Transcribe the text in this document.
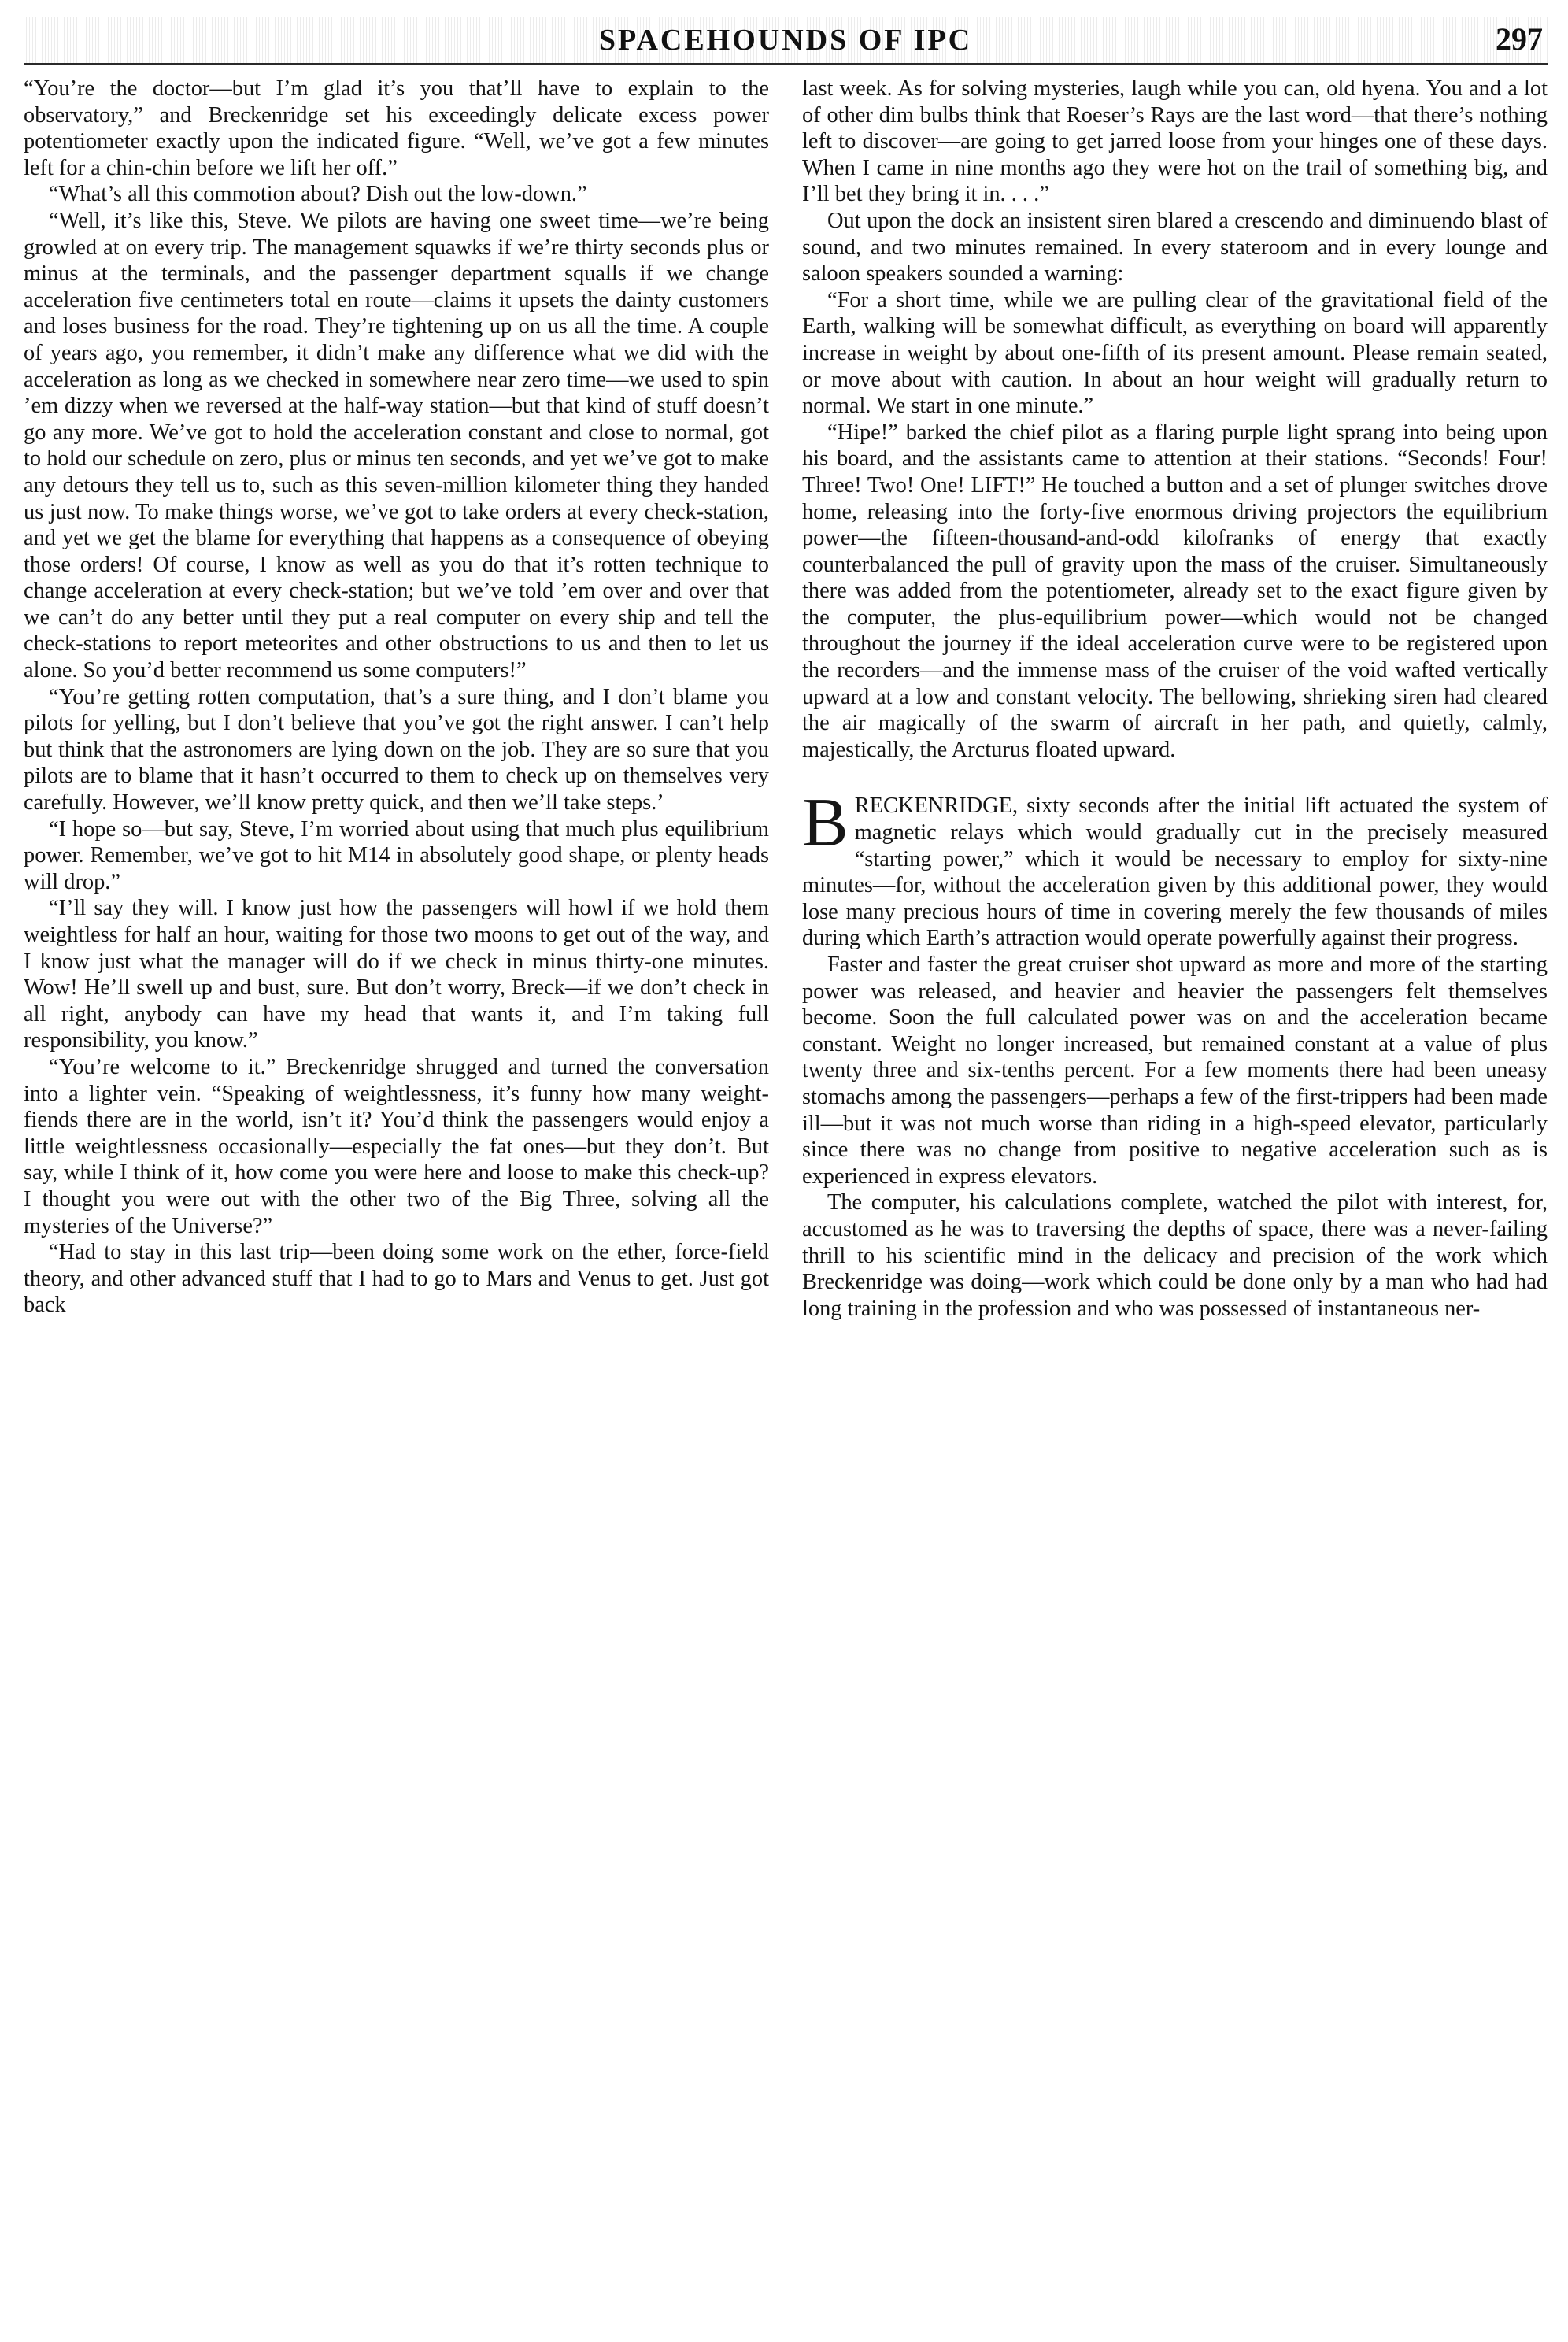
SPACEHOUNDS OF IPC	297

“You’re the doctor—but I’m glad it’s you that’ll have to explain to the observatory,” and Breckenridge set his exceedingly delicate excess power potentiometer exactly upon the indicated figure. “Well, we’ve got a few minutes left for a chin-chin before we lift her off.”

“What’s all this commotion about? Dish out the low-down.”

“Well, it’s like this, Steve. We pilots are having one sweet time—we’re being growled at on every trip. The management squawks if we’re thirty seconds plus or minus at the terminals, and the passenger department squalls if we change acceleration five centimeters total en route—claims it upsets the dainty customers and loses business for the road. They’re tightening up on us all the time. A couple of years ago, you remember, it didn’t make any difference what we did with the acceleration as long as we checked in somewhere near zero time—we used to spin ’em dizzy when we reversed at the half-way station—but that kind of stuff doesn’t go any more. We’ve got to hold the acceleration constant and close to normal, got to hold our schedule on zero, plus or minus ten seconds, and yet we’ve got to make any detours they tell us to, such as this seven-million kilometer thing they handed us just now. To make things worse, we’ve got to take orders at every check-station, and yet we get the blame for everything that happens as a consequence of obeying those orders! Of course, I know as well as you do that it’s rotten technique to change acceleration at every check-station; but we’ve told ’em over and over that we can’t do any better until they put a real computer on every ship and tell the check-stations to report meteorites and other obstructions to us and then to let us alone. So you’d better recommend us some computers!”

“You’re getting rotten computation, that’s a sure thing, and I don’t blame you pilots for yelling, but I don’t believe that you’ve got the right answer. I can’t help but think that the astronomers are lying down on the job. They are so sure that you pilots are to blame that it hasn’t occurred to them to check up on themselves very carefully. However, we’ll know pretty quick, and then we’ll take steps.’

“I hope so—but say, Steve, I’m worried about using that much plus equilibrium power. Remember, we’ve got to hit M14 in absolutely good shape, or plenty heads will drop.”

“I’ll say they will. I know just how the passengers will howl if we hold them weightless for half an hour, waiting for those two moons to get out of the way, and I know just what the manager will do if we check in minus thirty-one minutes. Wow! He’ll swell up and bust, sure. But don’t worry, Breck—if we don’t check in all right, anybody can have my head that wants it, and I’m taking full responsibility, you know.”

“You’re welcome to it.” Breckenridge shrugged and turned the conversation into a lighter vein. “Speaking of weightlessness, it’s funny how many weight-fiends there are in the world, isn’t it? You’d think the passengers would enjoy a little weightlessness occasionally—especially the fat ones—but they don’t. But say, while I think of it, how come you were here and loose to make this check-up? I thought you were out with the other two of the Big Three, solving all the mysteries of the Universe?”

“Had to stay in this last trip—been doing some work on the ether, force-field theory, and other advanced stuff that I had to go to Mars and Venus to get. Just got back

last week. As for solving mysteries, laugh while you can, old hyena. You and a lot of other dim bulbs think that Roeser’s Rays are the last word—that there’s nothing left to discover—are going to get jarred loose from your hinges one of these days. When I came in nine months ago they were hot on the trail of something big, and I’ll bet they bring it in. . . .”

Out upon the dock an insistent siren blared a crescendo and diminuendo blast of sound, and two minutes remained. In every stateroom and in every lounge and saloon speakers sounded a warning:

“For a short time, while we are pulling clear of the gravitational field of the Earth, walking will be somewhat difficult, as everything on board will apparently increase in weight by about one-fifth of its present amount. Please remain seated, or move about with caution. In about an hour weight will gradually return to normal. We start in one minute.”

“Hipe!” barked the chief pilot as a flaring purple light sprang into being upon his board, and the assistants came to attention at their stations. “Seconds! Four! Three! Two! One! LIFT!” He touched a button and a set of plunger switches drove home, releasing into the forty-five enormous driving projectors the equilibrium power—the fifteen-thousand-and-odd kilofranks of energy that exactly counterbalanced the pull of gravity upon the mass of the cruiser. Simultaneously there was added from the potentiometer, already set to the exact figure given by the computer, the plus-equilibrium power—which would not be changed throughout the journey if the ideal acceleration curve were to be registered upon the recorders—and the immense mass of the cruiser of the void wafted vertically upward at a low and constant velocity. The bellowing, shrieking siren had cleared the air magically of the swarm of aircraft in her path, and quietly, calmly, majestically, the Arcturus floated upward.

BRECKENRIDGE, sixty seconds after the initial lift actuated the system of magnetic relays which would gradually cut in the precisely measured “starting power,” which it would be necessary to employ for sixty-nine minutes—for, without the acceleration given by this additional power, they would lose many precious hours of time in covering merely the few thousands of miles during which Earth’s attraction would operate powerfully against their progress.

Faster and faster the great cruiser shot upward as more and more of the starting power was released, and heavier and heavier the passengers felt themselves become. Soon the full calculated power was on and the acceleration became constant. Weight no longer increased, but remained constant at a value of plus twenty three and six-tenths percent. For a few moments there had been uneasy stomachs among the passengers—perhaps a few of the first-trippers had been made ill—but it was not much worse than riding in a high-speed elevator, particularly since there was no change from positive to negative acceleration such as is experienced in express elevators.

The computer, his calculations complete, watched the pilot with interest, for, accustomed as he was to traversing the depths of space, there was a never-failing thrill to his scientific mind in the delicacy and precision of the work which Breckenridge was doing—work which could be done only by a man who had had long training in the profession and who was possessed of instantaneous ner-
